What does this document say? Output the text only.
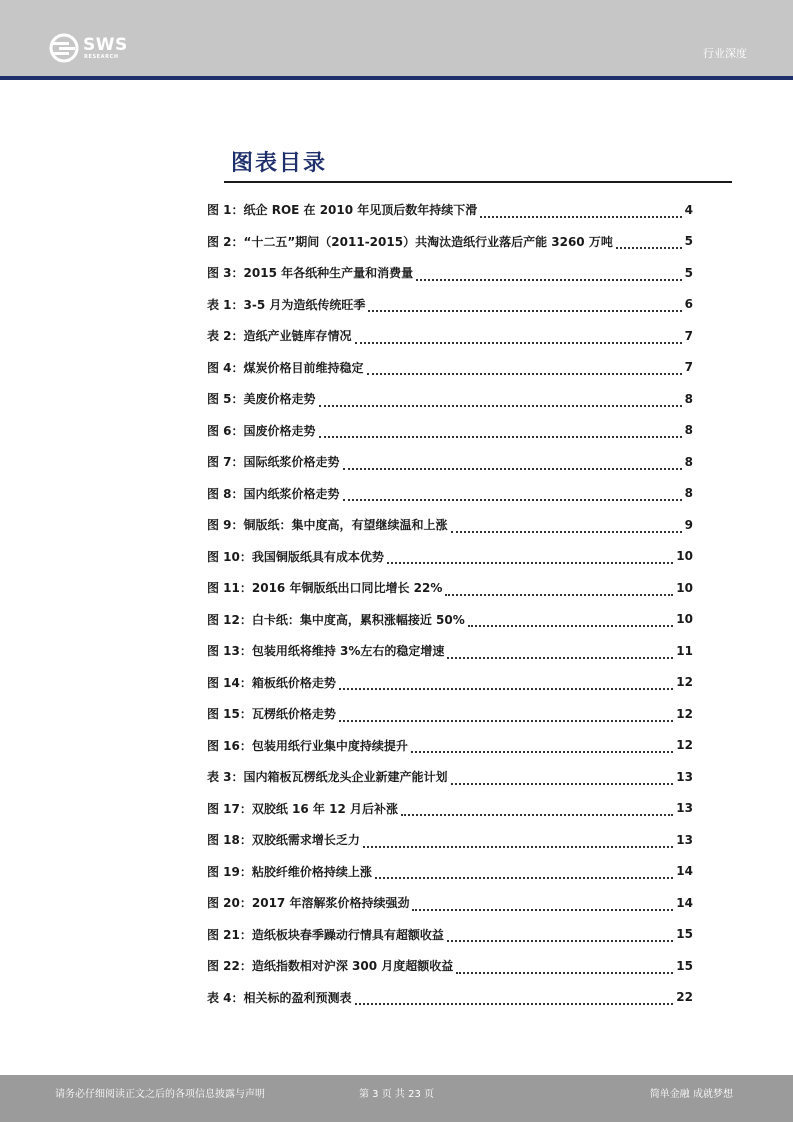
SWS
RESEARCH	行业深度
图表目录
图 1：纸企 ROE 在 2010 年见顶后数年持续下滑	4
图 2：“十二五”期间（2011-2015）共淘汰造纸行业落后产能 3260 万吨	5
图 3：2015 年各纸种生产量和消费量	5
表 1：3-5 月为造纸传统旺季	6
表 2：造纸产业链库存情况	7
图 4：煤炭价格目前维持稳定	7
图 5：美废价格走势	8
图 6：国废价格走势	8
图 7：国际纸浆价格走势	8
图 8：国内纸浆价格走势	8
图 9：铜版纸：集中度高，有望继续温和上涨	9
图 10：我国铜版纸具有成本优势	10
图 11：2016 年铜版纸出口同比增长 22%	10
图 12：白卡纸：集中度高，累积涨幅接近 50%	10
图 13：包装用纸将维持 3%左右的稳定增速	11
图 14：箱板纸价格走势	12
图 15：瓦楞纸价格走势	12
图 16：包装用纸行业集中度持续提升	12
表 3：国内箱板瓦楞纸龙头企业新建产能计划	13
图 17：双胶纸 16 年 12 月后补涨	13
图 18：双胶纸需求增长乏力	13
图 19：粘胶纤维价格持续上涨	14
图 20：2017 年溶解浆价格持续强劲	14
图 21：造纸板块春季躁动行情具有超额收益	15
图 22：造纸指数相对沪深 300 月度超额收益	15
表 4：相关标的盈利预测表	22
请务必仔细阅读正文之后的各项信息披露与声明	第 3 页 共 23 页	简单金融 成就梦想
